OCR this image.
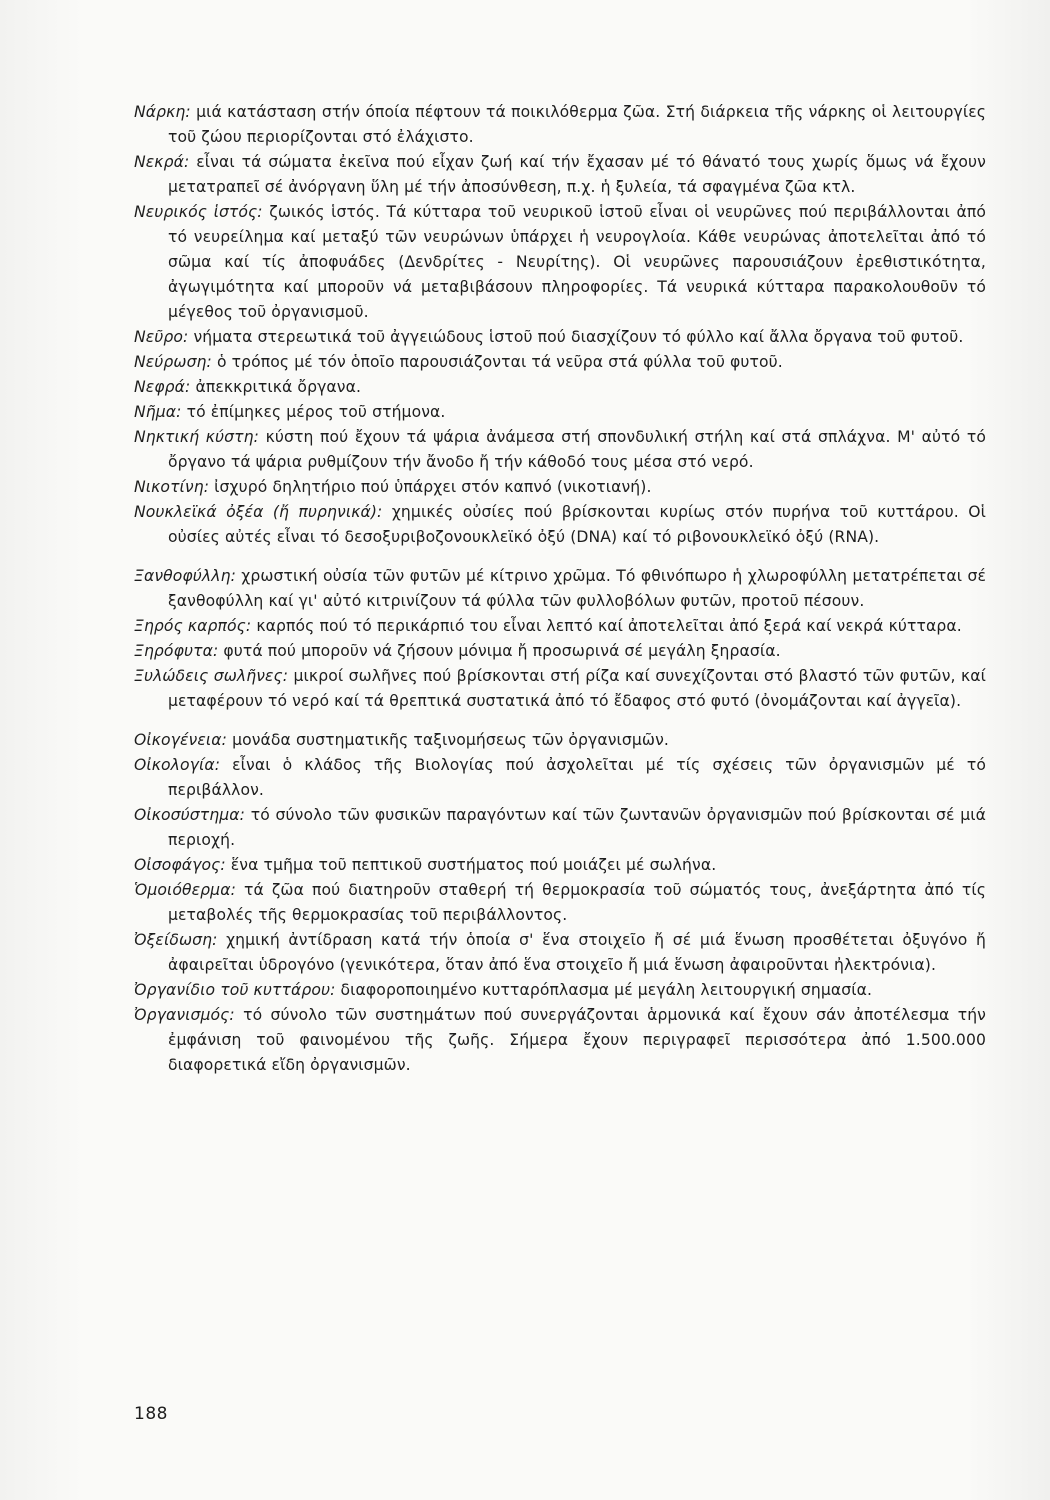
Νάρκη: μιά κατάσταση στήν όποία πέφτουν τά ποικιλόθερμα ζῶα. Στή διάρκεια τῆς νάρκης οἱ λειτουργίες τοῦ ζώου περιορίζονται στό ἐλάχιστο.
Νεκρά: εἶναι τά σώματα ἐκεῖνα πού εἶχαν ζωή καί τήν ἔχασαν μέ τό θάνατό τους χωρίς ὅμως νά ἔχουν μετατραπεῖ σέ ἀνόργανη ὕλη μέ τήν ἀποσύνθεση, π.χ. ἡ ξυλεία, τά σφαγμένα ζῶα κτλ.
Νευρικός ἱστός: ζωικός ἱστός. Τά κύτταρα τοῦ νευρικοῦ ἱστοῦ εἶναι οἱ νευρῶνες πού περιβάλλονται ἀπό τό νευρείλημα καί μεταξύ τῶν νευρώνων ὑπάρχει ἡ νευρογλοία. Κάθε νευρώνας ἀποτελεῖται ἀπό τό σῶμα καί τίς ἀποφυάδες (Δενδρίτες - Νευρίτης). Οἱ νευρῶνες παρουσιάζουν ἐρεθιστικότητα, ἀγωγιμότητα καί μποροῦν νά μεταβιβάσουν πληροφορίες. Τά νευρικά κύτταρα παρακολουθοῦν τό μέγεθος τοῦ ὀργανισμοῦ.
Νεῦρο: νήματα στερεωτικά τοῦ ἀγγειώδους ἱστοῦ πού διασχίζουν τό φύλλο καί ἄλλα ὄργανα τοῦ φυτοῦ.
Νεύρωση: ὁ τρόπος μέ τόν ὁποῖο παρουσιάζονται τά νεῦρα στά φύλλα τοῦ φυτοῦ.
Νεφρά: ἀπεκκριτικά ὄργανα.
Νῆμα: τό ἐπίμηκες μέρος τοῦ στήμονα.
Νηκτική κύστη: κύστη πού ἔχουν τά ψάρια ἀνάμεσα στή σπονδυλική στήλη καί στά σπλάχνα. Μ' αὐτό τό ὄργανο τά ψάρια ρυθμίζουν τήν ἄνοδο ἤ τήν κάθοδό τους μέσα στό νερό.
Νικοτίνη: ἰσχυρό δηλητήριο πού ὑπάρχει στόν καπνό (νικοτιανή).
Νουκλεϊκά ὀξέα (ἤ πυρηνικά): χημικές οὐσίες πού βρίσκονται κυρίως στόν πυρήνα τοῦ κυττάρου. Οἱ οὐσίες αὐτές εἶναι τό δεσοξυριβοζονουκλεϊκό ὀξύ (DNA) καί τό ριβονουκλεϊκό ὀξύ (RNA).
Ξανθοφύλλη: χρωστική οὐσία τῶν φυτῶν μέ κίτρινο χρῶμα. Τό φθινόπωρο ἡ χλωροφύλλη μετατρέπεται σέ ξανθοφύλλη καί γι' αὐτό κιτρινίζουν τά φύλλα τῶν φυλλοβόλων φυτῶν, προτοῦ πέσουν.
Ξηρός καρπός: καρπός πού τό περικάρπιό του εἶναι λεπτό καί ἀποτελεῖται ἀπό ξερά καί νεκρά κύτταρα.
Ξηρόφυτα: φυτά πού μποροῦν νά ζήσουν μόνιμα ἤ προσωρινά σέ μεγάλη ξηρασία.
Ξυλώδεις σωλῆνες: μικροί σωλῆνες πού βρίσκονται στή ρίζα καί συνεχίζονται στό βλαστό τῶν φυτῶν, καί μεταφέρουν τό νερό καί τά θρεπτικά συστατικά ἀπό τό ἔδαφος στό φυτό (ὀνομάζονται καί ἀγγεῖα).
Οἰκογένεια: μονάδα συστηματικῆς ταξινομήσεως τῶν ὀργανισμῶν.
Οἰκολογία: εἶναι ὁ κλάδος τῆς Βιολογίας πού ἀσχολεῖται μέ τίς σχέσεις τῶν ὀργανισμῶν μέ τό περιβάλλον.
Οἰκοσύστημα: τό σύνολο τῶν φυσικῶν παραγόντων καί τῶν ζωντανῶν ὀργανισμῶν πού βρίσκονται σέ μιά περιοχή.
Οἰσοφάγος: ἕνα τμῆμα τοῦ πεπτικοῦ συστήματος πού μοιάζει μέ σωλήνα.
Ὁμοιόθερμα: τά ζῶα πού διατηροῦν σταθερή τή θερμοκρασία τοῦ σώματός τους, ἀνεξάρτητα ἀπό τίς μεταβολές τῆς θερμοκρασίας τοῦ περιβάλλοντος.
Ὀξείδωση: χημική ἀντίδραση κατά τήν ὁποία σ' ἕνα στοιχεῖο ἤ σέ μιά ἕνωση προσθέτεται ὀξυγόνο ἤ ἀφαιρεῖται ὑδρογόνο (γενικότερα, ὅταν ἀπό ἕνα στοιχεῖο ἤ μιά ἕνωση ἀφαιροῦνται ἠλεκτρόνια).
Ὀργανίδιο τοῦ κυττάρου: διαφοροποιημένο κυτταρόπλασμα μέ μεγάλη λειτουργική σημασία.
Ὀργανισμός: τό σύνολο τῶν συστημάτων πού συνεργάζονται ἁρμονικά καί ἔχουν σάν ἀποτέλεσμα τήν ἐμφάνιση τοῦ φαινομένου τῆς ζωῆς. Σήμερα ἔχουν περιγραφεῖ περισσότερα ἀπό 1.500.000 διαφορετικά εἴδη ὀργανισμῶν.
188
